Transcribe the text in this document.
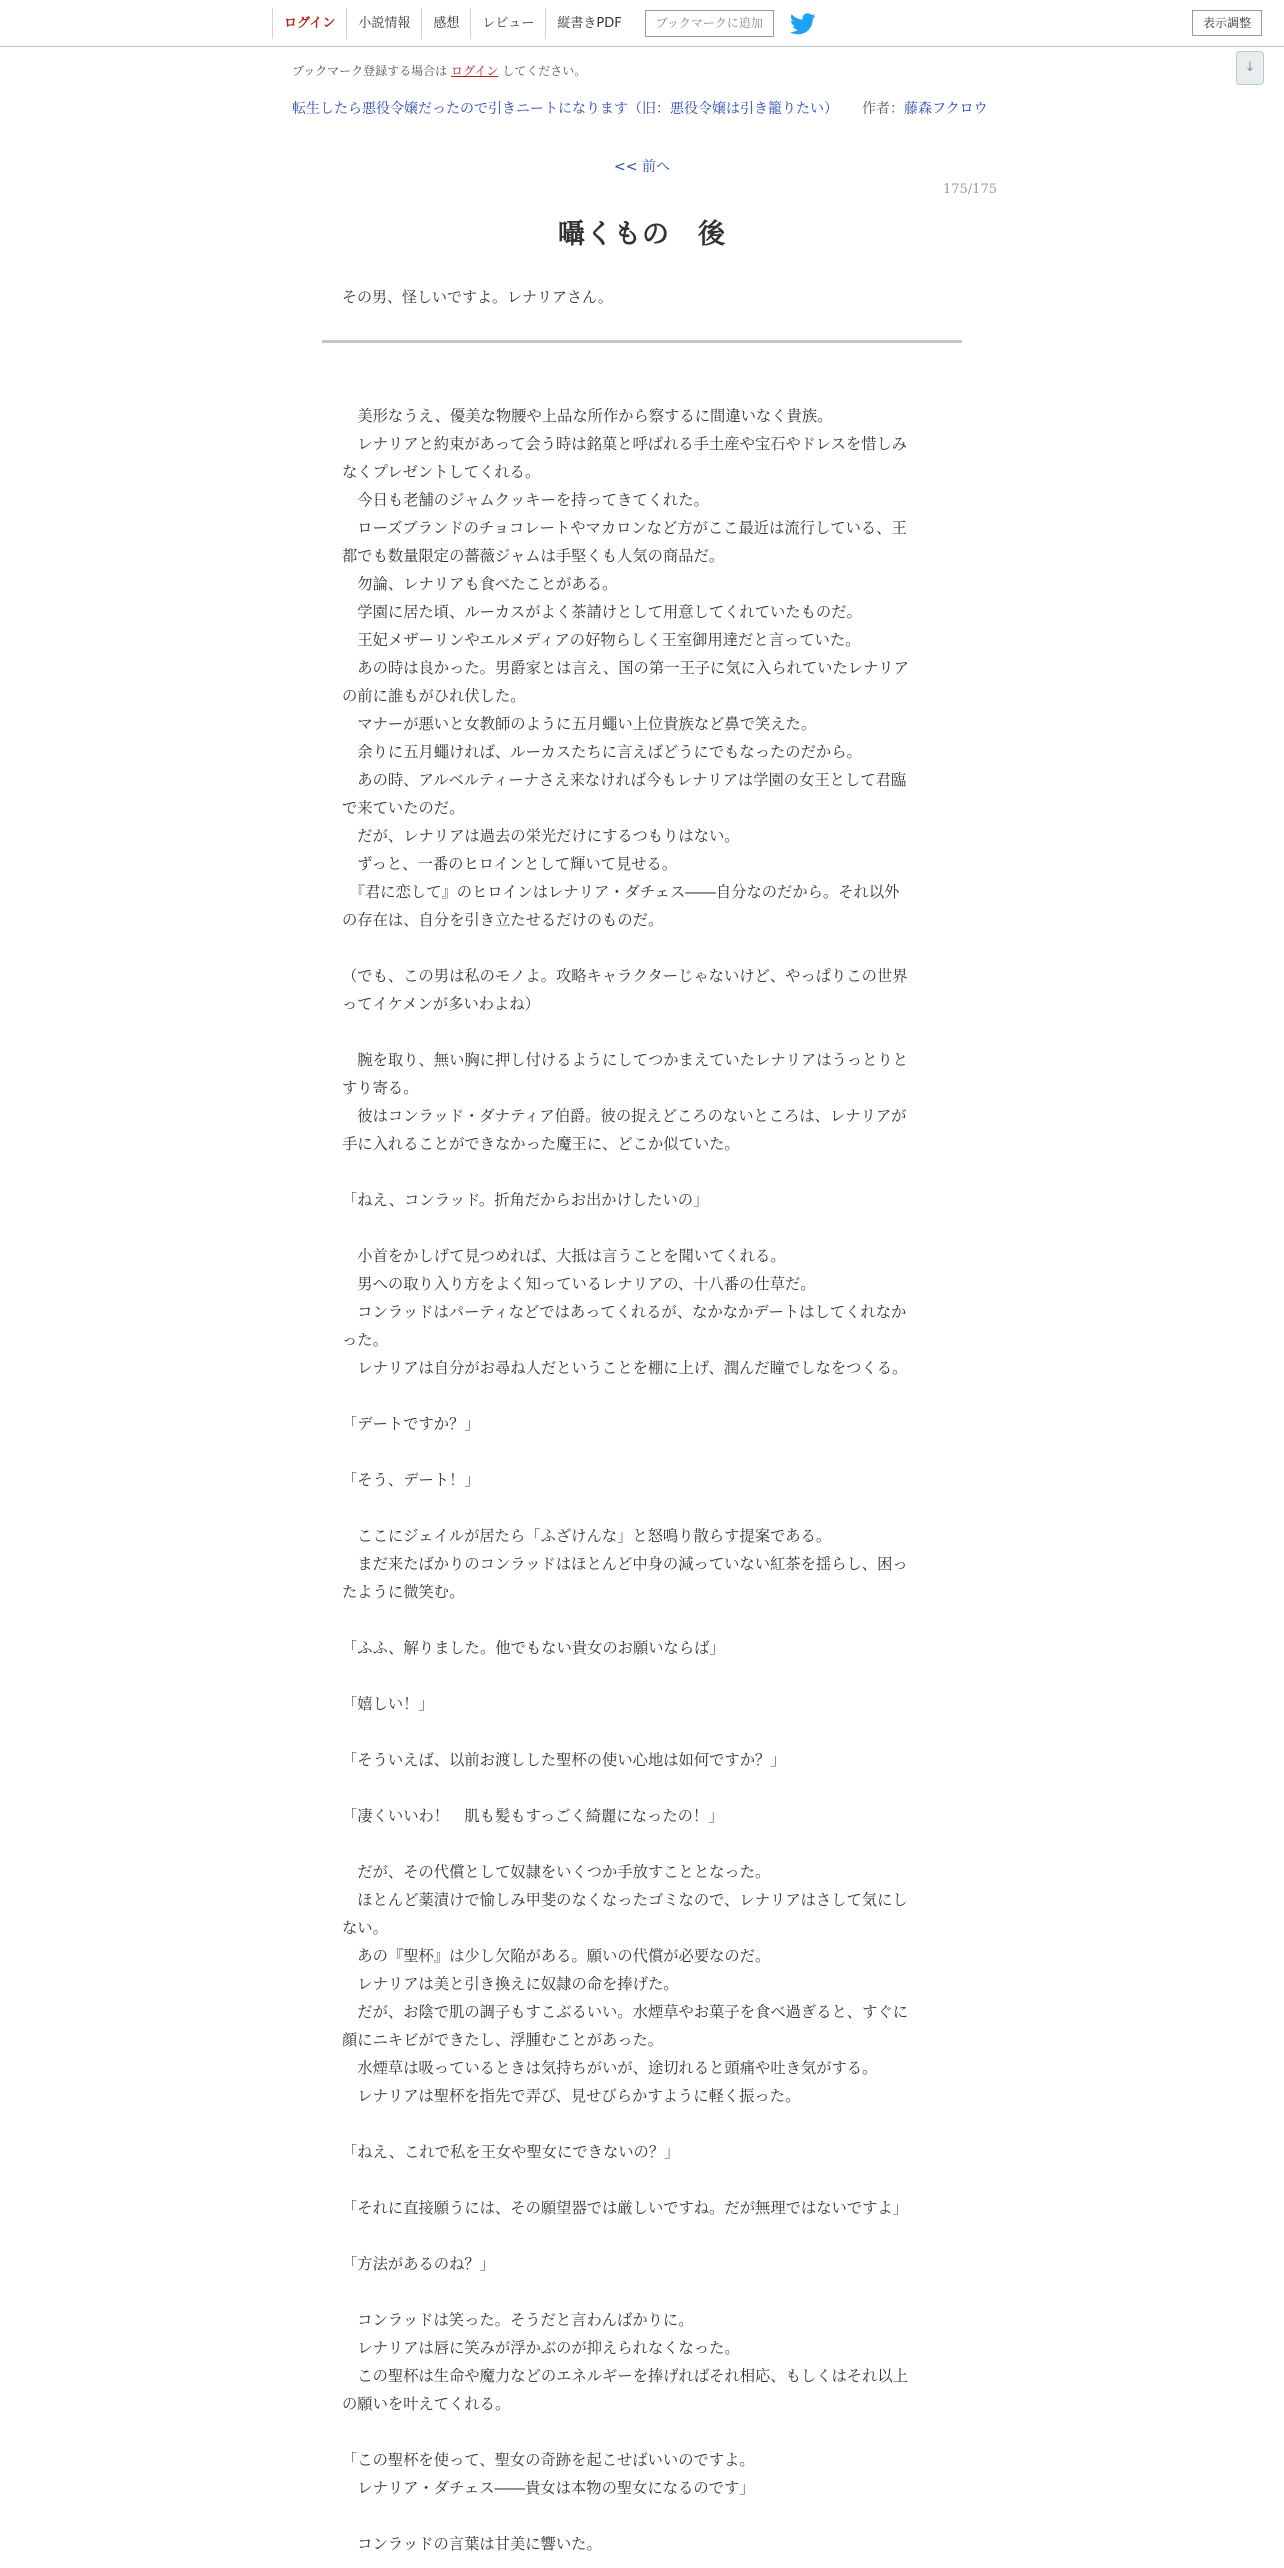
ログイン	小説情報	感想	レビュー	縦書きPDF	ブックマークに追加	表示調整
↓
ブックマーク登録する場合は ログイン してください。
転生したら悪役令嬢だったので引きニートになります（旧：悪役令嬢は引き籠りたい） 作者：藤森フクロウ
<< 前へ
175/175
囁くもの　後
その男、怪しいですよ。レナリアさん。

　美形なうえ、優美な物腰や上品な所作から察するに間違いなく貴族。

　レナリアと約束があって会う時は銘菓と呼ばれる手土産や宝石やドレスを惜しみ

なくプレゼントしてくれる。

　今日も老舗のジャムクッキーを持ってきてくれた。

　ローズブランドのチョコレートやマカロンなど方がここ最近は流行している、王

都でも数量限定の薔薇ジャムは手堅くも人気の商品だ。

　勿論、レナリアも食べたことがある。

　学園に居た頃、ルーカスがよく茶請けとして用意してくれていたものだ。

　王妃メザーリンやエルメディアの好物らしく王室御用達だと言っていた。

　あの時は良かった。男爵家とは言え、国の第一王子に気に入られていたレナリア

の前に誰もがひれ伏した。

　マナーが悪いと女教師のように五月蠅い上位貴族など鼻で笑えた。

　余りに五月蠅ければ、ルーカスたちに言えばどうにでもなったのだから。

　あの時、アルベルティーナさえ来なければ今もレナリアは学園の女王として君臨

で来ていたのだ。

　だが、レナリアは過去の栄光だけにするつもりはない。

　ずっと、一番のヒロインとして輝いて見せる。

　『君に恋して』のヒロインはレナリア・ダチェス――自分なのだから。それ以外

の存在は、自分を引き立たせるだけのものだ。

（でも、この男は私のモノよ。攻略キャラクターじゃないけど、やっぱりこの世界

ってイケメンが多いわよね）

　腕を取り、無い胸に押し付けるようにしてつかまえていたレナリアはうっとりと

すり寄る。

　彼はコンラッド・ダナティア伯爵。彼の捉えどころのないところは、レナリアが

手に入れることができなかった魔王に、どこか似ていた。

「ねえ、コンラッド。折角だからお出かけしたいの」

　小首をかしげて見つめれば、大抵は言うことを聞いてくれる。

　男への取り入り方をよく知っているレナリアの、十八番の仕草だ。

　コンラッドはパーティなどではあってくれるが、なかなかデートはしてくれなか

った。

　レナリアは自分がお尋ね人だということを棚に上げ、潤んだ瞳でしなをつくる。

「デートですか？」

「そう、デート！」

　ここにジェイルが居たら「ふざけんな」と怒鳴り散らす提案である。

　まだ来たばかりのコンラッドはほとんど中身の減っていない紅茶を揺らし、困っ

たように微笑む。

「ふふ、解りました。他でもない貴女のお願いならば」

「嬉しい！」

「そういえば、以前お渡しした聖杯の使い心地は如何ですか？」

「凄くいいわ！　肌も髪もすっごく綺麗になったの！」

　だが、その代償として奴隷をいくつか手放すこととなった。

　ほとんど薬漬けで愉しみ甲斐のなくなったゴミなので、レナリアはさして気にし

ない。

　あの『聖杯』は少し欠陥がある。願いの代償が必要なのだ。

　レナリアは美と引き換えに奴隷の命を捧げた。

　だが、お陰で肌の調子もすこぶるいい。水煙草やお菓子を食べ過ぎると、すぐに

顔にニキビができたし、浮腫むことがあった。

　水煙草は吸っているときは気持ちがいが、途切れると頭痛や吐き気がする。

　レナリアは聖杯を指先で弄び、見せびらかすように軽く振った。

「ねえ、これで私を王女や聖女にできないの？」

「それに直接願うには、その願望器では厳しいですね。だが無理ではないですよ」

「方法があるのね？」

　コンラッドは笑った。そうだと言わんばかりに。

　レナリアは唇に笑みが浮かぶのが抑えられなくなった。

　この聖杯は生命や魔力などのエネルギーを捧げればそれ相応、もしくはそれ以上

の願いを叶えてくれる。

「この聖杯を使って、聖女の奇跡を起こせばいいのですよ。

　レナリア・ダチェス――貴女は本物の聖女になるのです」

　コンラッドの言葉は甘美に響いた。
